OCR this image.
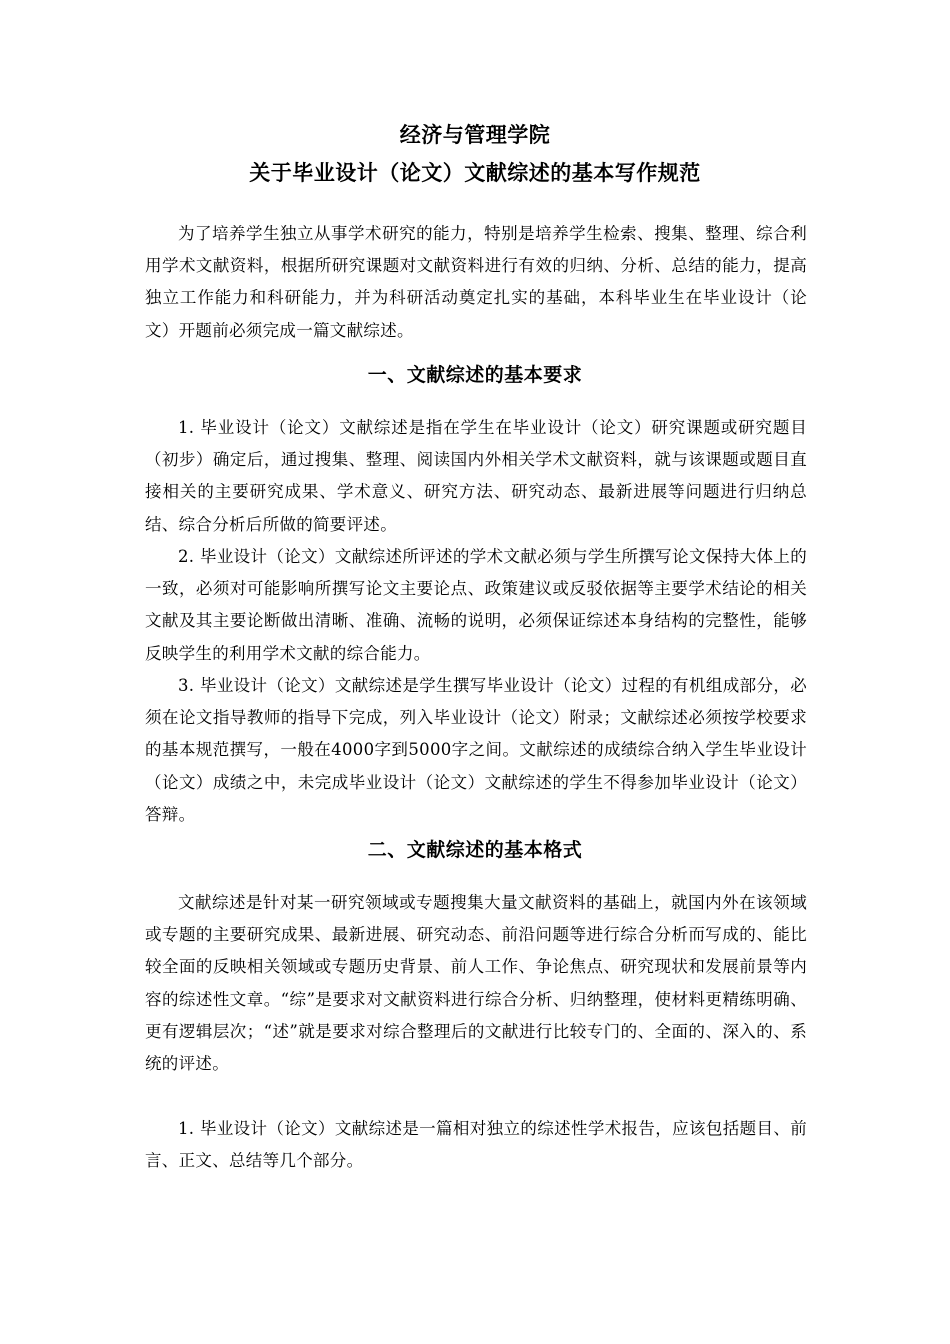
经济与管理学院
关于毕业设计（论文）文献综述的基本写作规范
为了培养学生独立从事学术研究的能力，特别是培养学生检索、搜集、整理、综合利用学术文献资料，根据所研究课题对文献资料进行有效的归纳、分析、总结的能力，提高独立工作能力和科研能力，并为科研活动奠定扎实的基础，本科毕业生在毕业设计（论文）开题前必须完成一篇文献综述。
一、文献综述的基本要求
1. 毕业设计（论文）文献综述是指在学生在毕业设计（论文）研究课题或研究题目（初步）确定后，通过搜集、整理、阅读国内外相关学术文献资料，就与该课题或题目直接相关的主要研究成果、学术意义、研究方法、研究动态、最新进展等问题进行归纳总结、综合分析后所做的简要评述。
2. 毕业设计（论文）文献综述所评述的学术文献必须与学生所撰写论文保持大体上的一致，必须对可能影响所撰写论文主要论点、政策建议或反驳依据等主要学术结论的相关文献及其主要论断做出清晰、准确、流畅的说明，必须保证综述本身结构的完整性，能够反映学生的利用学术文献的综合能力。
3. 毕业设计（论文）文献综述是学生撰写毕业设计（论文）过程的有机组成部分，必须在论文指导教师的指导下完成，列入毕业设计（论文）附录；文献综述必须按学校要求的基本规范撰写，一般在4000字到5000字之间。文献综述的成绩综合纳入学生毕业设计（论文）成绩之中，未完成毕业设计（论文）文献综述的学生不得参加毕业设计（论文）答辩。
二、文献综述的基本格式
文献综述是针对某一研究领域或专题搜集大量文献资料的基础上，就国内外在该领域或专题的主要研究成果、最新进展、研究动态、前沿问题等进行综合分析而写成的、能比较全面的反映相关领域或专题历史背景、前人工作、争论焦点、研究现状和发展前景等内容的综述性文章。“综”是要求对文献资料进行综合分析、归纳整理，使材料更精练明确、更有逻辑层次；“述”就是要求对综合整理后的文献进行比较专门的、全面的、深入的、系统的评述。
1. 毕业设计（论文）文献综述是一篇相对独立的综述性学术报告，应该包括题目、前言、正文、总结等几个部分。
